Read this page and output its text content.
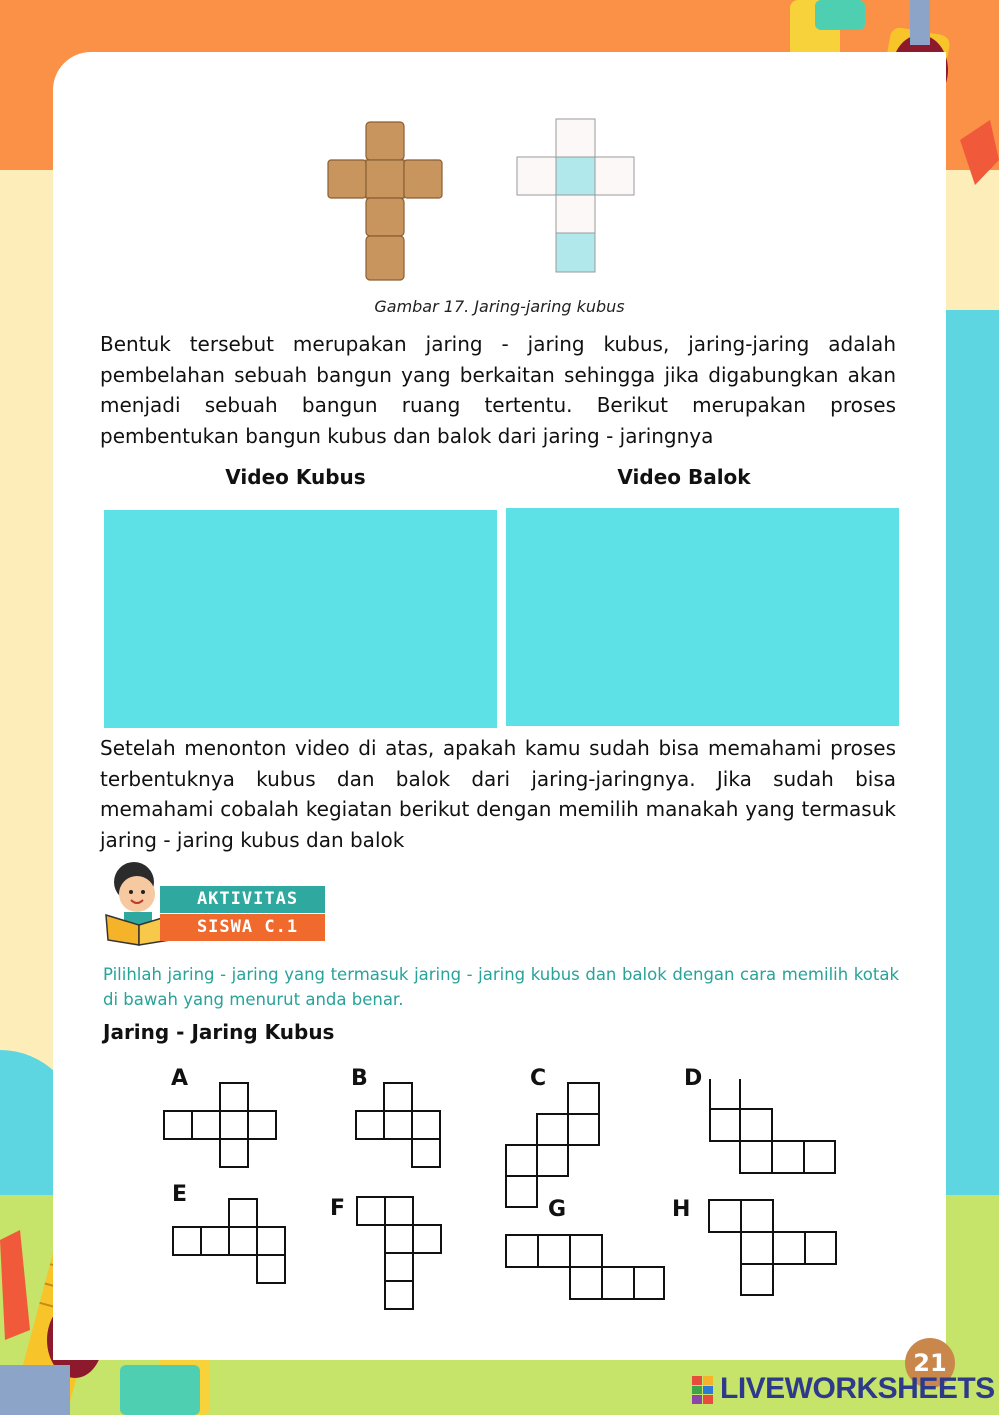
Gambar 17. Jaring-jaring kubus

Bentuk tersebut merupakan jaring - jaring kubus, jaring-jaring adalah pembelahan sebuah bangun yang berkaitan sehingga jika digabungkan akan menjadi sebuah bangun ruang tertentu. Berikut merupakan proses pembentukan bangun kubus dan balok dari jaring - jaringnya

Video Kubus	Video Balok

Setelah menonton video di atas, apakah kamu sudah bisa memahami proses terbentuknya kubus dan balok dari jaring-jaringnya. Jika sudah bisa memahami cobalah kegiatan berikut dengan memilih manakah yang termasuk jaring - jaring kubus dan balok

AKTIVITAS
SISWA C.1

Pilihlah jaring - jaring yang termasuk jaring - jaring kubus dan balok dengan cara memilih kotak di bawah yang menurut anda benar.

Jaring - Jaring Kubus
A	B	C	D
E
F	G	H
21
LIVEWORKSHEETS
